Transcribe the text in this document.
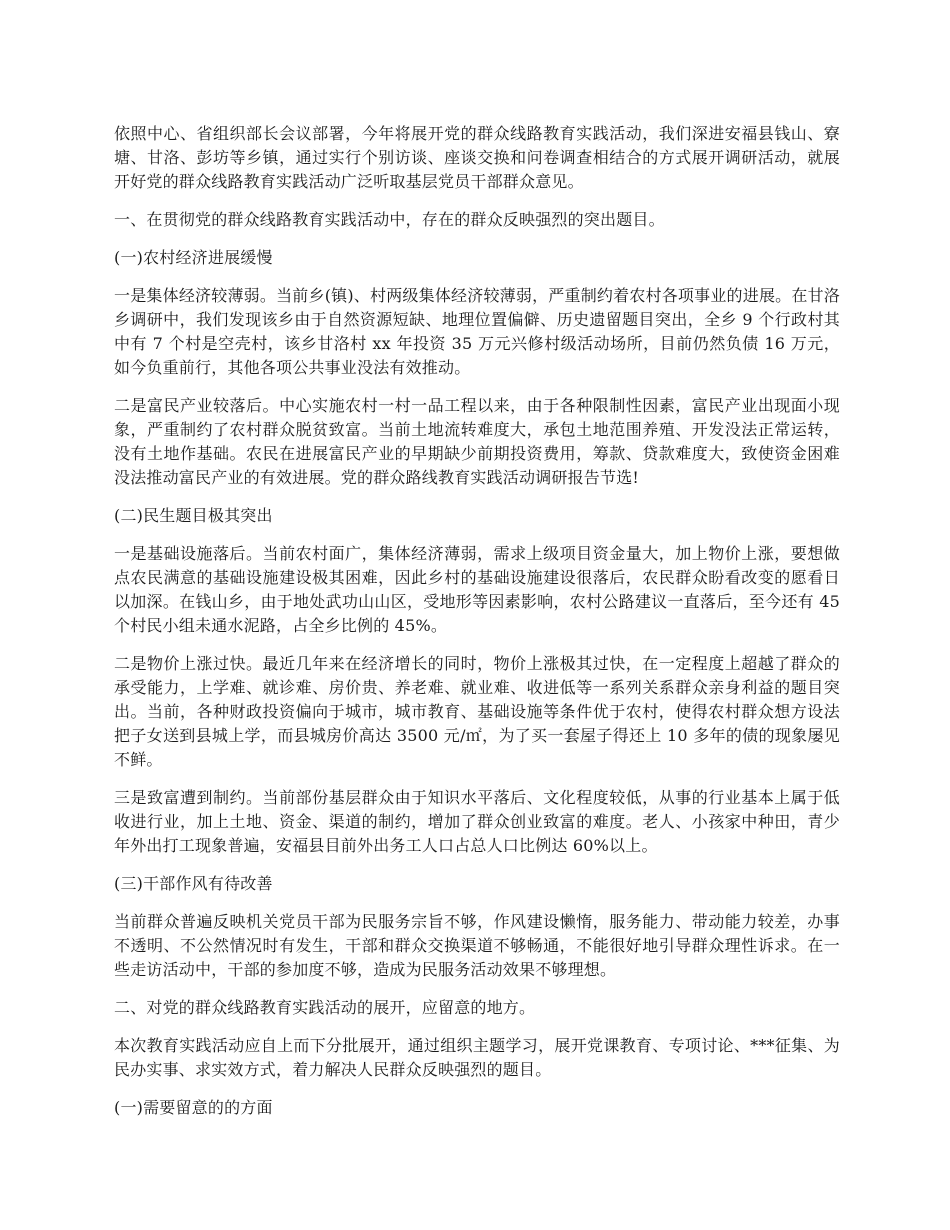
依照中心、省组织部长会议部署，今年将展开党的群众线路教育实践活动，我们深进安福县钱山、寮塘、甘洛、彭坊等乡镇，通过实行个别访谈、座谈交换和问卷调查相结合的方式展开调研活动，就展开好党的群众线路教育实践活动广泛听取基层党员干部群众意见。

一、在贯彻党的群众线路教育实践活动中，存在的群众反映强烈的突出题目。

(一)农村经济进展缓慢

一是集体经济较薄弱。当前乡(镇)、村两级集体经济较薄弱，严重制约着农村各项事业的进展。在甘洛乡调研中，我们发现该乡由于自然资源短缺、地理位置偏僻、历史遗留题目突出，全乡 9 个行政村其中有 7 个村是空壳村，该乡甘洛村 xx 年投资 35 万元兴修村级活动场所，目前仍然负债 16 万元，如今负重前行，其他各项公共事业没法有效推动。

二是富民产业较落后。中心实施农村一村一品工程以来，由于各种限制性因素，富民产业出现面小现象，严重制约了农村群众脱贫致富。当前土地流转难度大，承包土地范围养殖、开发没法正常运转，没有土地作基础。农民在进展富民产业的早期缺少前期投资费用，筹款、贷款难度大，致使资金困难没法推动富民产业的有效进展。党的群众路线教育实践活动调研报告节选!

(二)民生题目极其突出

一是基础设施落后。当前农村面广，集体经济薄弱，需求上级项目资金量大，加上物价上涨，要想做点农民满意的基础设施建设极其困难，因此乡村的基础设施建设很落后，农民群众盼看改变的愿看日以加深。在钱山乡，由于地处武功山山区，受地形等因素影响，农村公路建议一直落后，至今还有 45 个村民小组未通水泥路，占全乡比例的 45%。

二是物价上涨过快。最近几年来在经济增长的同时，物价上涨极其过快，在一定程度上超越了群众的承受能力，上学难、就诊难、房价贵、养老难、就业难、收进低等一系列关系群众亲身利益的题目突出。当前，各种财政投资偏向于城市，城市教育、基础设施等条件优于农村，使得农村群众想方设法把子女送到县城上学，而县城房价高达 3500 元/㎡，为了买一套屋子得还上 10 多年的债的现象屡见不鲜。

三是致富遭到制约。当前部份基层群众由于知识水平落后、文化程度较低，从事的行业基本上属于低收进行业，加上土地、资金、渠道的制约，增加了群众创业致富的难度。老人、小孩家中种田，青少年外出打工现象普遍，安福县目前外出务工人口占总人口比例达 60%以上。

(三)干部作风有待改善

当前群众普遍反映机关党员干部为民服务宗旨不够，作风建设懒惰，服务能力、带动能力较差，办事不透明、不公然情况时有发生，干部和群众交换渠道不够畅通，不能很好地引导群众理性诉求。在一些走访活动中，干部的参加度不够，造成为民服务活动效果不够理想。

二、对党的群众线路教育实践活动的展开，应留意的地方。

本次教育实践活动应自上而下分批展开，通过组织主题学习，展开党课教育、专项讨论、***征集、为民办实事、求实效方式，着力解决人民群众反映强烈的题目。

(一)需要留意的的方面
